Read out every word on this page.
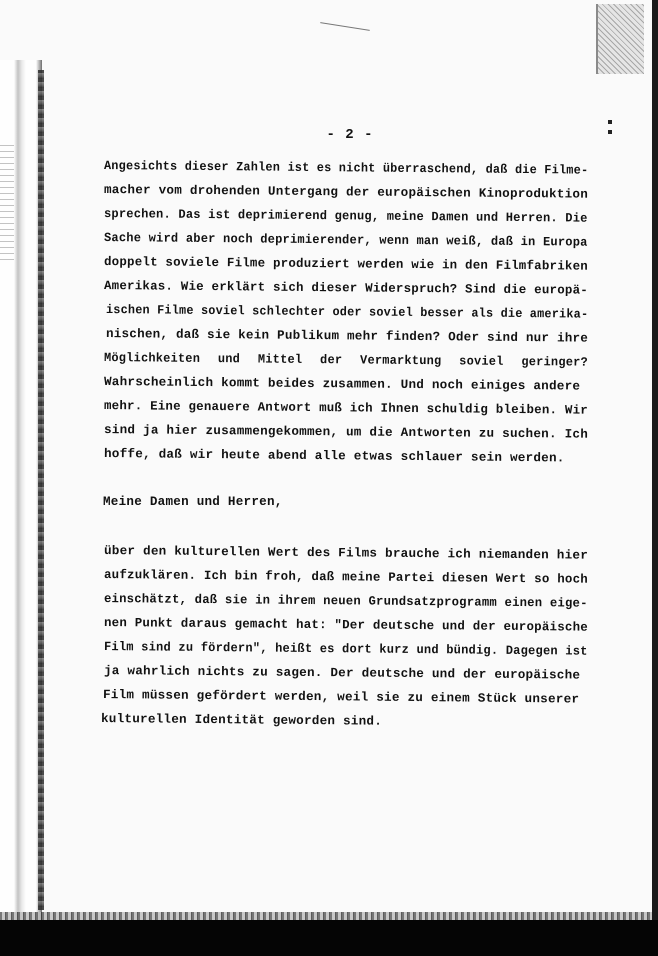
- 2 -
Angesichts dieser Zahlen ist es nicht überraschend, daß die Filme-
macher vom drohenden Untergang der europäischen Kinoproduktion
sprechen. Das ist deprimierend genug, meine Damen und Herren. Die
Sache wird aber noch deprimierender, wenn man weiß, daß in Europa
doppelt soviele Filme produziert werden wie in den Filmfabriken
Amerikas. Wie erklärt sich dieser Widerspruch? Sind die europä-
ischen Filme soviel schlechter oder soviel besser als die amerika-
nischen, daß sie kein Publikum mehr finden? Oder sind nur ihre
Möglichkeiten und Mittel der Vermarktung soviel geringer?
Wahrscheinlich kommt beides zusammen. Und noch einiges andere
mehr. Eine genauere Antwort muß ich Ihnen schuldig bleiben. Wir
sind ja hier zusammengekommen, um die Antworten zu suchen. Ich
hoffe, daß wir heute abend alle etwas schlauer sein werden.
Meine Damen und Herren,
über den kulturellen Wert des Films brauche ich niemanden hier
aufzuklären. Ich bin froh, daß meine Partei diesen Wert so hoch
einschätzt, daß sie in ihrem neuen Grundsatzprogramm einen eige-
nen Punkt daraus gemacht hat: "Der deutsche und der europäische
Film sind zu fördern", heißt es dort kurz und bündig. Dagegen ist
ja wahrlich nichts zu sagen. Der deutsche und der europäische
Film müssen gefördert werden, weil sie zu einem Stück unserer
kulturellen Identität geworden sind.
